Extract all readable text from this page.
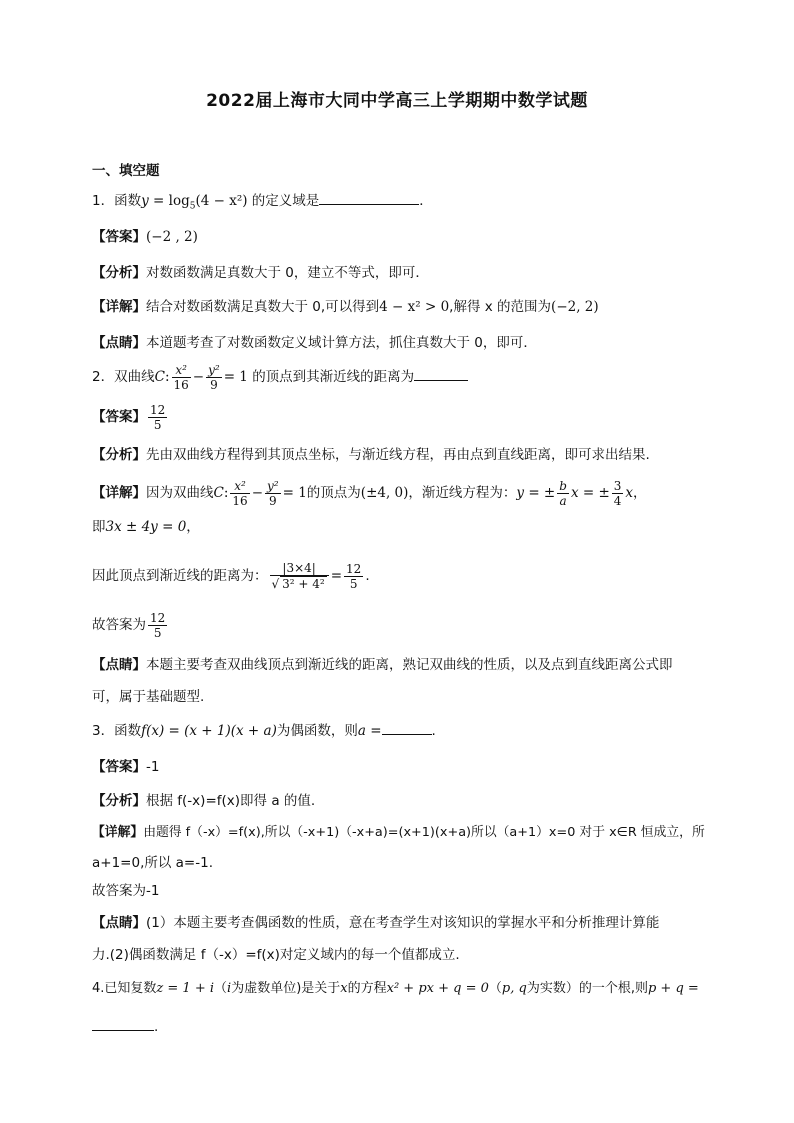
2022届上海市大同中学高三上学期期中数学试题
一、填空题
1．函数$y = \log_5(4 - x^2)$ 的定义域是	．
【答案】(−2 , 2)
【分析】对数函数满足真数大于 0，建立不等式，即可．
【详解】结合对数函数满足真数大于 0,可以得到4 − x² > 0,解得 x 的范围为(−2, 2)
【点睛】本道题考查了对数函数定义域计算方法，抓住真数大于 0，即可．
2．双曲线C: $\frac{\text{x²}}{16} - \frac{\text{y²}}{9} = 1$ 的顶点到其渐近线的距离为
【答案】 $\frac{12}{5}$
【分析】先由双曲线方程得到其顶点坐标，与渐近线方程，再由点到直线距离，即可求出结果.
【详解】因为双曲线C: $\frac{\text{x²}}{16} - \frac{\text{y²}}{9} = 1$的顶点为(±4, 0)，渐近线方程为：y = ± $\frac{b}{a}$ x = ± $\frac{3}{4}$ x，
即3x ± 4y = 0，
因此顶点到渐近线的距离为： $\frac{|3\times 4|}{\text{√ 3² + 4²}} = \frac{12}{5}$ .
故答案为 $\frac{12}{5}$
【点睛】本题主要考查双曲线顶点到渐近线的距离，熟记双曲线的性质，以及点到直线距离公式即
可，属于基础题型.
3．函数f(x) = (x + 1)(x + a)为偶函数，则a =	.
【答案】-1
【分析】根据 f(-x)=f(x)即得 a 的值.
【详解】由题得 f（-x）=f(x),所以（-x+1)（-x+a)=(x+1)(x+a)所以（a+1）x=0 对于 x∈R 恒成立，所
a+1=0,所以 a=-1.
故答案为-1
【点睛】(1）本题主要考查偶函数的性质，意在考查学生对该知识的掌握水平和分析推理计算能
力.(2)偶函数满足 f（-x）=f(x)对定义域内的每一个值都成立.
4.已知复数z = 1 + i（i为虚数单位)是关于x的方程x² + px + q = 0（p, q为实数）的一个根,则p + q =
.
